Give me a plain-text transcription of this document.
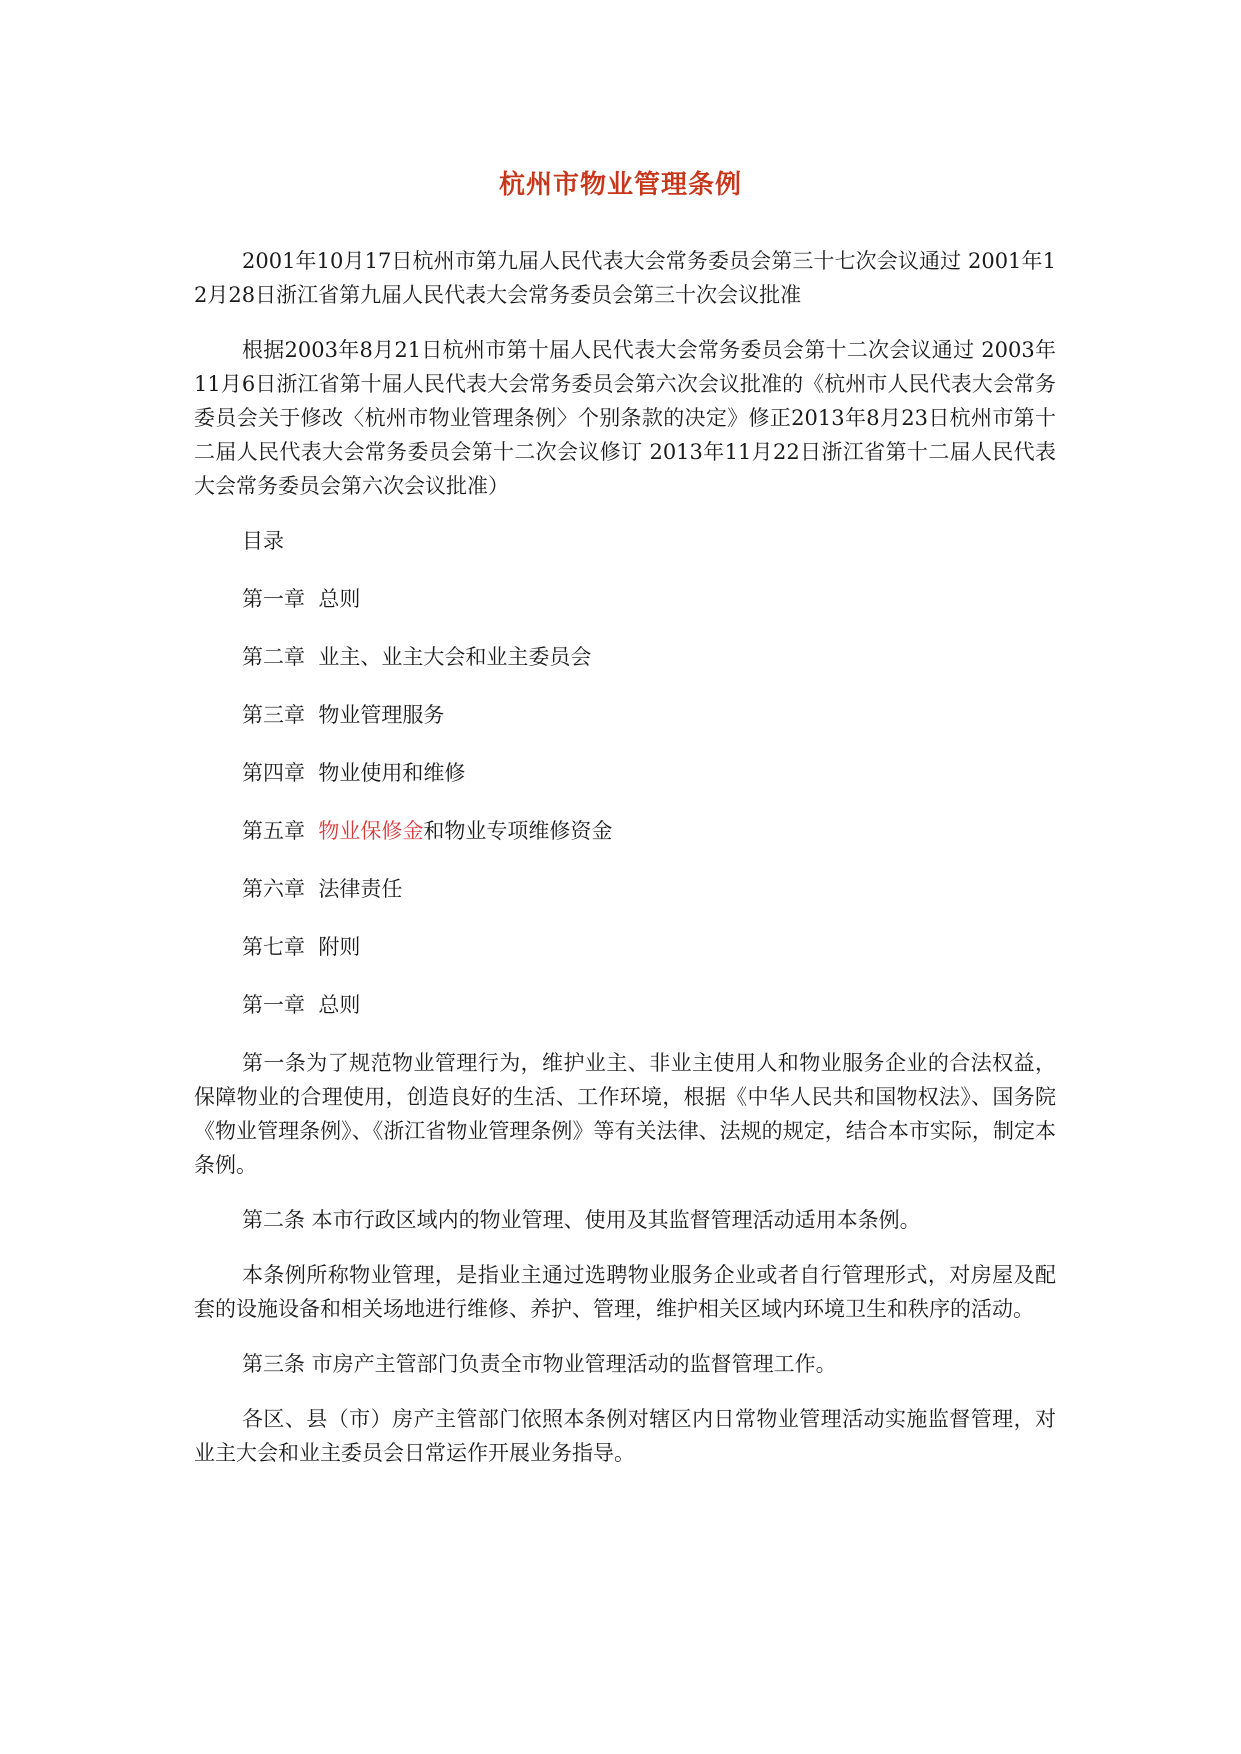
杭州市物业管理条例

2001年10月17日杭州市第九届人民代表大会常务委员会第三十七次会议通过 2001年12月28日浙江省第九届人民代表大会常务委员会第三十次会议批准

根据2003年8月21日杭州市第十届人民代表大会常务委员会第十二次会议通过 2003年11月6日浙江省第十届人民代表大会常务委员会第六次会议批准的《杭州市人民代表大会常务委员会关于修改〈杭州市物业管理条例〉个别条款的决定》修正2013年8月23日杭州市第十二届人民代表大会常务委员会第十二次会议修订 2013年11月22日浙江省第十二届人民代表大会常务委员会第六次会议批准）

目录

第一章 总则

第二章 业主、业主大会和业主委员会

第三章 物业管理服务

第四章 物业使用和维修

第五章 物业保修金和物业专项维修资金

第六章 法律责任

第七章 附则

第一章 总则

第一条为了规范物业管理行为，维护业主、非业主使用人和物业服务企业的合法权益，保障物业的合理使用，创造良好的生活、工作环境，根据《中华人民共和国物权法》、国务院《物业管理条例》、《浙江省物业管理条例》等有关法律、法规的规定，结合本市实际，制定本条例。

第二条 本市行政区域内的物业管理、使用及其监督管理活动适用本条例。

本条例所称物业管理，是指业主通过选聘物业服务企业或者自行管理形式，对房屋及配套的设施设备和相关场地进行维修、养护、管理，维护相关区域内环境卫生和秩序的活动。

第三条 市房产主管部门负责全市物业管理活动的监督管理工作。

各区、县（市）房产主管部门依照本条例对辖区内日常物业管理活动实施监督管理，对业主大会和业主委员会日常运作开展业务指导。
